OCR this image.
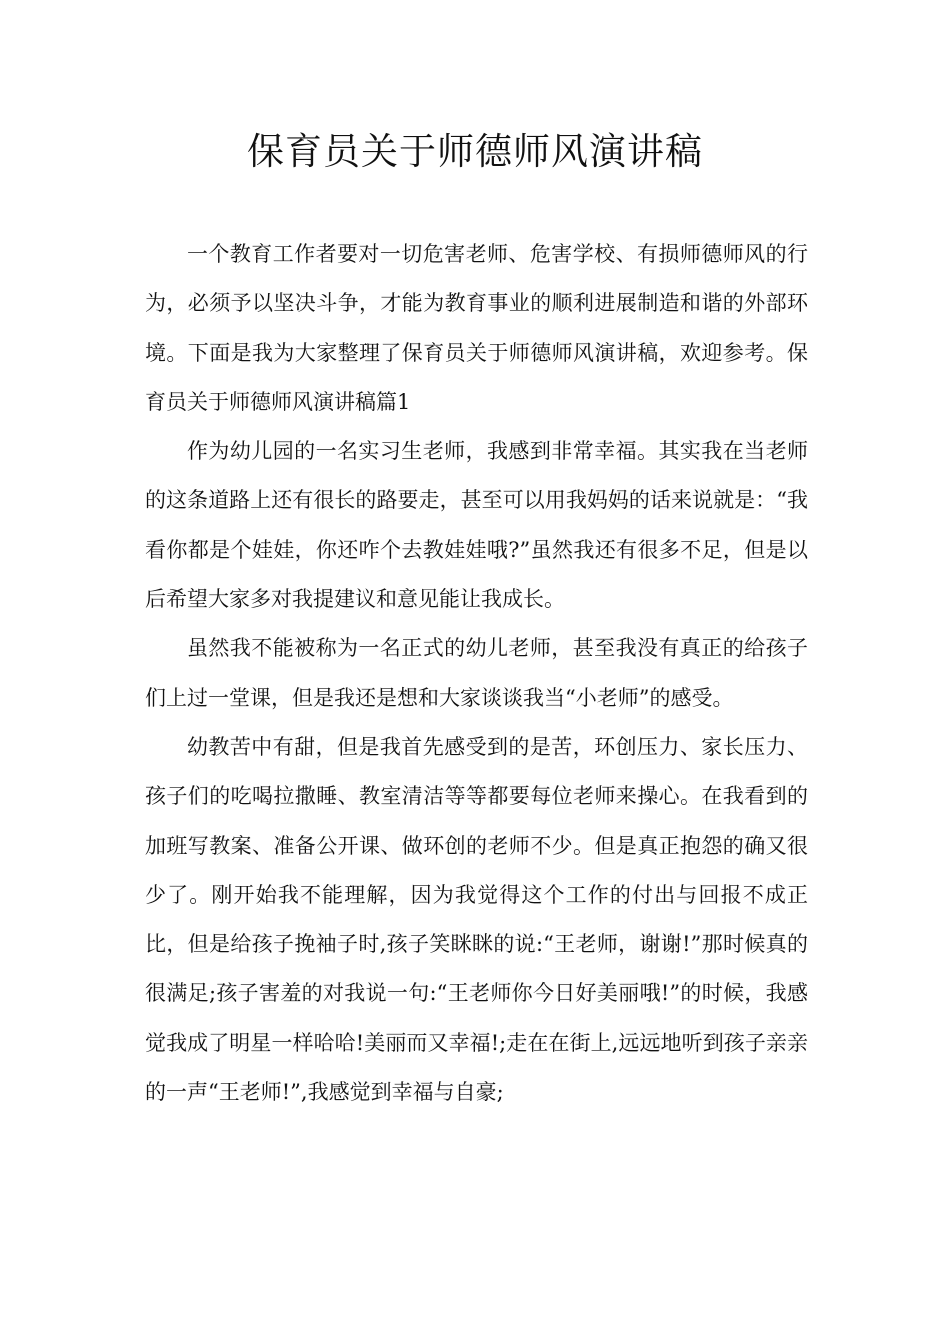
保育员关于师德师风演讲稿

一个教育工作者要对一切危害老师、危害学校、有损师德师风的行为，必须予以坚决斗争，才能为教育事业的顺利进展制造和谐的外部环境。下面是我为大家整理了保育员关于师德师风演讲稿，欢迎参考。保育员关于师德师风演讲稿篇1

作为幼儿园的一名实习生老师，我感到非常幸福。其实我在当老师的这条道路上还有很长的路要走，甚至可以用我妈妈的话来说就是：“我看你都是个娃娃，你还咋个去教娃娃哦?”虽然我还有很多不足，但是以后希望大家多对我提建议和意见能让我成长。

虽然我不能被称为一名正式的幼儿老师，甚至我没有真正的给孩子们上过一堂课，但是我还是想和大家谈谈我当“小老师”的感受。

幼教苦中有甜，但是我首先感受到的是苦，环创压力、家长压力、孩子们的吃喝拉撒睡、教室清洁等等都要每位老师来操心。在我看到的加班写教案、准备公开课、做环创的老师不少。但是真正抱怨的确又很少了。刚开始我不能理解，因为我觉得这个工作的付出与回报不成正比，但是给孩子挽袖子时,孩子笑眯眯的说:“王老师，谢谢!”那时候真的很满足;孩子害羞的对我说一句:“王老师你今日好美丽哦!”的时候，我感觉我成了明星一样哈哈!美丽而又幸福!;走在在街上,远远地听到孩子亲亲的一声“王老师!”,我感觉到幸福与自豪;
